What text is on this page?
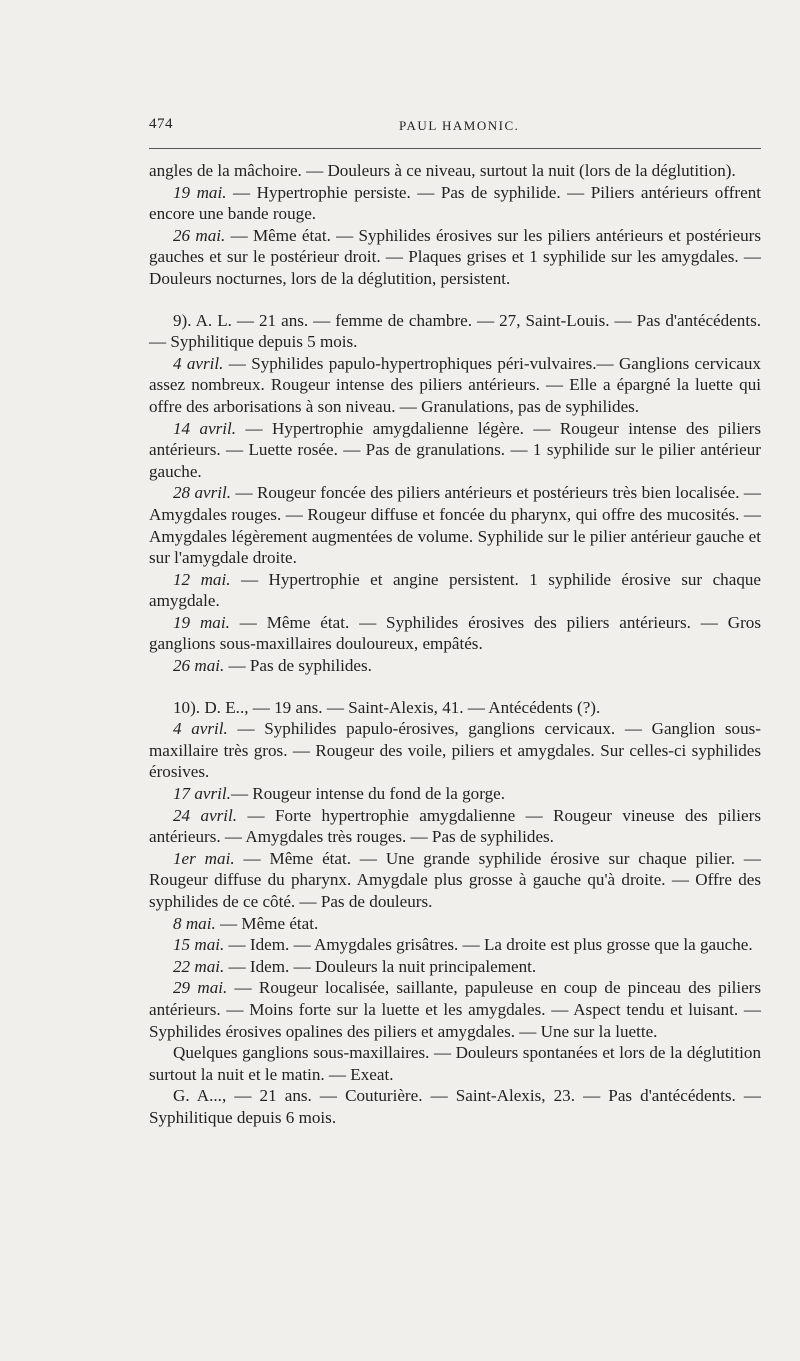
474	PAUL HAMONIC.

angles de la mâchoire. — Douleurs à ce niveau, surtout la nuit (lors de la déglutition).

19 mai. — Hypertrophie persiste. — Pas de syphilide. — Piliers antérieurs offrent encore une bande rouge.

26 mai. — Même état. — Syphilides érosives sur les piliers antérieurs et postérieurs gauches et sur le postérieur droit. — Plaques grises et 1 syphilide sur les amygdales. — Douleurs nocturnes, lors de la déglutition, persistent.

9). A. L. — 21 ans. — femme de chambre. — 27, Saint-Louis. — Pas d'antécédents. — Syphilitique depuis 5 mois.

4 avril. — Syphilides papulo-hypertrophiques péri-vulvaires.— Ganglions cervicaux assez nombreux. Rougeur intense des piliers antérieurs. — Elle a épargné la luette qui offre des arborisations à son niveau. — Granulations, pas de syphilides.

14 avril. — Hypertrophie amygdalienne légère. — Rougeur intense des piliers antérieurs. — Luette rosée. — Pas de granulations. — 1 syphilide sur le pilier antérieur gauche.

28 avril. — Rougeur foncée des piliers antérieurs et postérieurs très bien localisée. — Amygdales rouges. — Rougeur diffuse et foncée du pharynx, qui offre des mucosités. — Amygdales légèrement augmentées de volume. Syphilide sur le pilier antérieur gauche et sur l'amygdale droite.

12 mai. — Hypertrophie et angine persistent. 1 syphilide érosive sur chaque amygdale.

19 mai. — Même état. — Syphilides érosives des piliers antérieurs. — Gros ganglions sous-maxillaires douloureux, empâtés.

26 mai. — Pas de syphilides.

10). D. E.., — 19 ans. — Saint-Alexis, 41. — Antécédents (?).

4 avril. — Syphilides papulo-érosives, ganglions cervicaux. — Ganglion sous-maxillaire très gros. — Rougeur des voile, piliers et amygdales. Sur celles-ci syphilides érosives.

17 avril.— Rougeur intense du fond de la gorge.

24 avril. — Forte hypertrophie amygdalienne — Rougeur vineuse des piliers antérieurs. — Amygdales très rouges. — Pas de syphilides.

1er mai. — Même état. — Une grande syphilide érosive sur chaque pilier. — Rougeur diffuse du pharynx. Amygdale plus grosse à gauche qu'à droite. — Offre des syphilides de ce côté. — Pas de douleurs.

8 mai. — Même état.

15 mai. — Idem. — Amygdales grisâtres. — La droite est plus grosse que la gauche.

22 mai. — Idem. — Douleurs la nuit principalement.

29 mai. — Rougeur localisée, saillante, papuleuse en coup de pinceau des piliers antérieurs. — Moins forte sur la luette et les amygdales. — Aspect tendu et luisant. — Syphilides érosives opalines des piliers et amygdales. — Une sur la luette.

Quelques ganglions sous-maxillaires. — Douleurs spontanées et lors de la déglutition surtout la nuit et le matin. — Exeat.

G. A..., — 21 ans. — Couturière. — Saint-Alexis, 23. — Pas d'antécédents. — Syphilitique depuis 6 mois.
